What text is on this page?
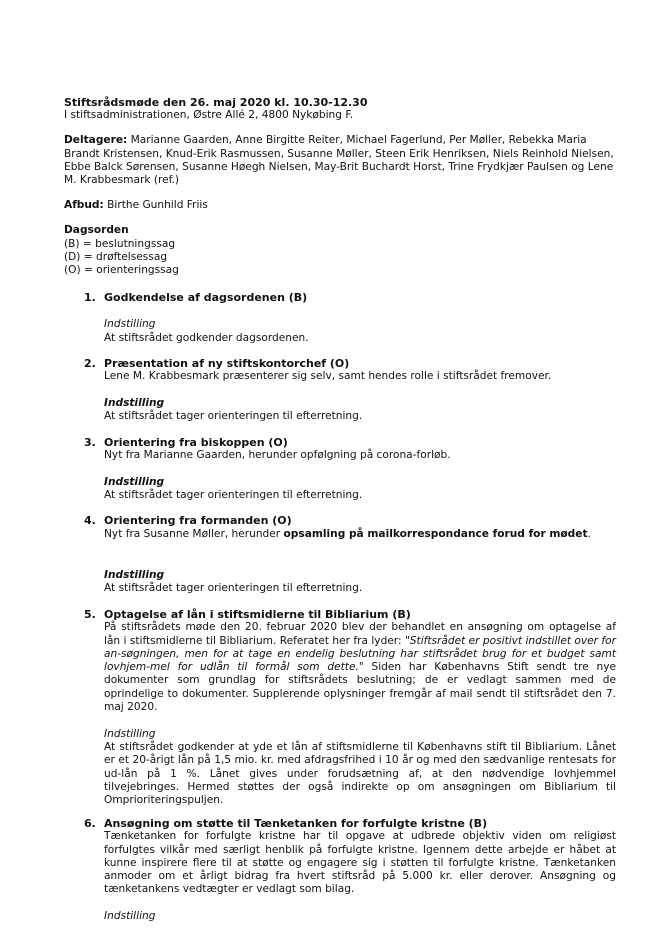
Stiftsrådsmøde den 26. maj 2020 kl. 10.30-12.30
I stiftsadministrationen, Østre Allé 2, 4800 Nykøbing F.
Deltagere: Marianne Gaarden, Anne Birgitte Reiter, Michael Fagerlund, Per Møller, Rebekka Maria Brandt Kristensen, Knud-Erik Rasmussen, Susanne Møller, Steen Erik Henriksen, Niels Reinhold Nielsen, Ebbe Balck Sørensen, Susanne Høegh Nielsen, May-Brit Buchardt Horst, Trine Frydkjær Paulsen og Lene M. Krabbesmark (ref.)
Afbud: Birthe Gunhild Friis
Dagsorden
(B) = beslutningssag
(D) = drøftelsessag
(O) = orienteringssag
1. Godkendelse af dagsordenen (B)
Indstilling
At stiftsrådet godkender dagsordenen.
2. Præsentation af ny stiftskontorchef (O)
Lene M. Krabbesmark præsenterer sig selv, samt hendes rolle i stiftsrådet fremover.
Indstilling
At stiftsrådet tager orienteringen til efterretning.
3. Orientering fra biskoppen (O)
Nyt fra Marianne Gaarden, herunder opfølgning på corona-forløb.
Indstilling
At stiftsrådet tager orienteringen til efterretning.
4. Orientering fra formanden (O)
Nyt fra Susanne Møller, herunder opsamling på mailkorrespondance forud for mødet.
Indstilling
At stiftsrådet tager orienteringen til efterretning.
5. Optagelse af lån i stiftsmidlerne til Bibliarium (B)
På stiftsrådets møde den 20. februar 2020 blev der behandlet en ansøgning om optagelse af lån i stiftsmidlerne til Bibliarium. Referatet her fra lyder: "Stiftsrådet er positivt indstillet over for an-søgningen, men for at tage en endelig beslutning har stiftsrådet brug for et budget samt lovhjem-mel for udlån til formål som dette." Siden har Københavns Stift sendt tre nye dokumenter som grundlag for stiftsrådets beslutning; de er vedlagt sammen med de oprindelige to dokumenter. Supplerende oplysninger fremgår af mail sendt til stiftsrådet den 7. maj 2020.
Indstilling
At stiftsrådet godkender at yde et lån af stiftsmidlerne til Københavns stift til Bibliarium. Lånet er et 20-årigt lån på 1,5 mio. kr. med afdragsfrihed i 10 år og med den sædvanlige rentesats for ud-lån på 1 %. Lånet gives under forudsætning af, at den nødvendige lovhjemmel tilvejebringes. Hermed støttes der også indirekte op om ansøgningen om Bibliarium til Omprioriteringspuljen.
6. Ansøgning om støtte til Tænketanken for forfulgte kristne (B)
Tænketanken for forfulgte kristne har til opgave at udbrede objektiv viden om religiøst forfulgtes vilkår med særligt henblik på forfulgte kristne. Igennem dette arbejde er håbet at kunne inspirere flere til at støtte og engagere sig i støtten til forfulgte kristne. Tænketanken anmoder om et årligt bidrag fra hvert stiftsråd på 5.000 kr. eller derover. Ansøgning og tænketankens vedtægter er vedlagt som bilag.
Indstilling
